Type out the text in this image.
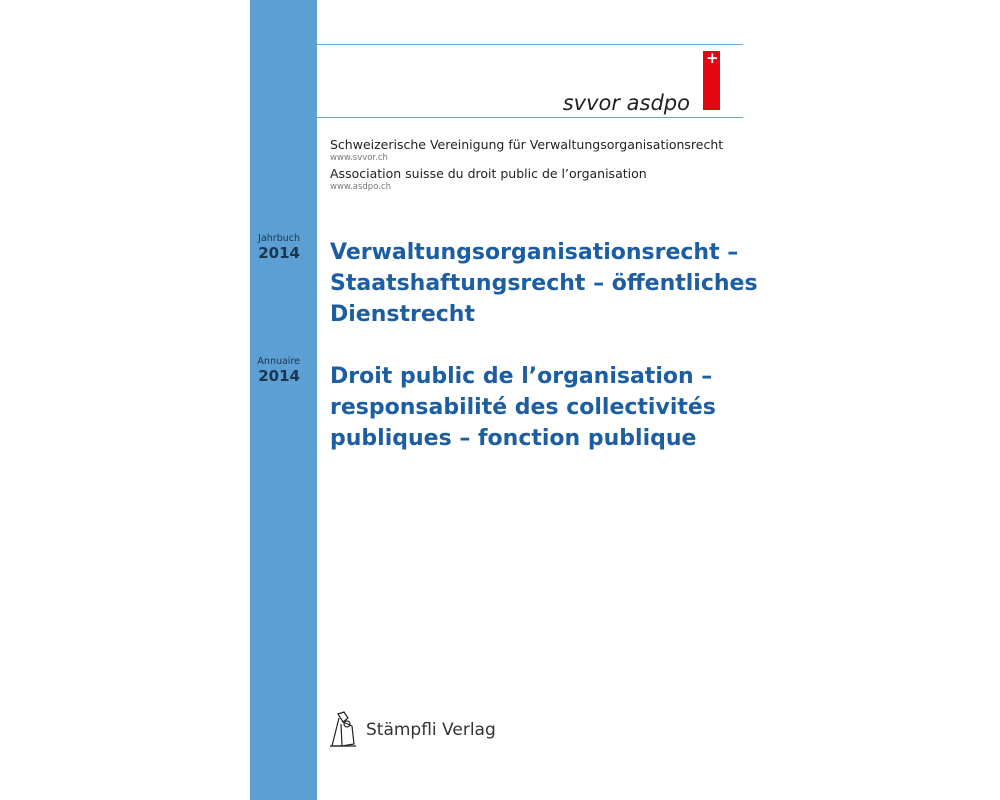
+
svvor asdpo
Schweizerische Vereinigung für Verwaltungsorganisationsrecht
www.svvor.ch
Association suisse du droit public de l’organisation
www.asdpo.ch
Jahrbuch
2014 Verwaltungsorganisationsrecht –
Staatshaftungsrecht – öffentliches
Dienstrecht
Annuaire
2014 Droit public de l’organisation –
responsabilité des collectivités
publiques – fonction publique
Stämpfli Verlag
